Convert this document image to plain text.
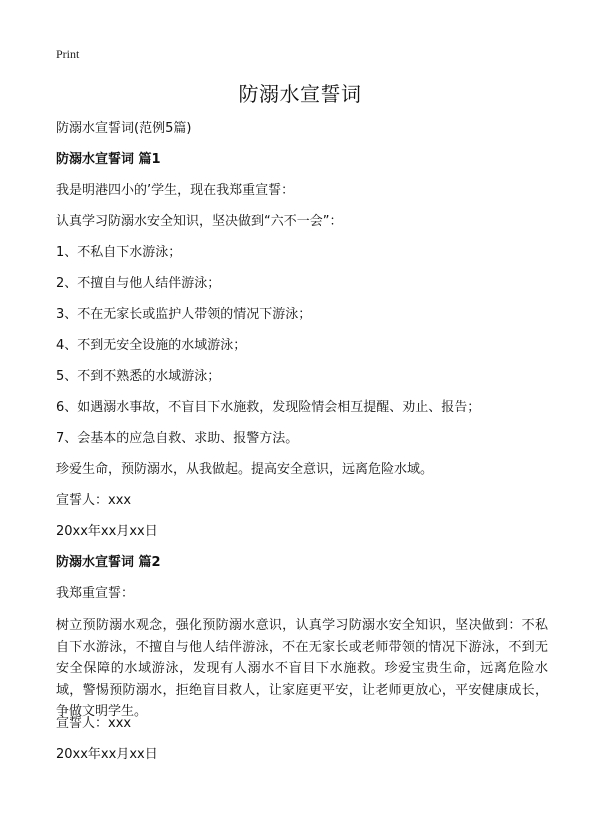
Print
防溺水宣誓词

防溺水宣誓词(范例5篇)

防溺水宣誓词 篇1

我是明港四小的’学生，现在我郑重宣誓：

认真学习防溺水安全知识，坚决做到“六不一会”：

1、不私自下水游泳；

2、不擅自与他人结伴游泳；

3、不在无家长或监护人带领的情况下游泳；

4、不到无安全设施的水域游泳；

5、不到不熟悉的水域游泳；

6、如遇溺水事故，不盲目下水施救，发现险情会相互提醒、劝止、报告；

7、会基本的应急自救、求助、报警方法。

珍爱生命，预防溺水，从我做起。提高安全意识，远离危险水域。

宣誓人：xxx

20xx年xx月xx日

防溺水宣誓词 篇2

我郑重宣誓：

树立预防溺水观念，强化预防溺水意识，认真学习防溺水安全知识，坚决做到：不私自下水游泳，不擅自与他人结伴游泳，不在无家长或老师带领的情况下游泳，不到无安全保障的水域游泳，发现有人溺水不盲目下水施救。珍爱宝贵生命，远离危险水域，警惕预防溺水，拒绝盲目救人，让家庭更平安，让老师更放心，平安健康成长，争做文明学生。

宣誓人：xxx

20xx年xx月xx日
